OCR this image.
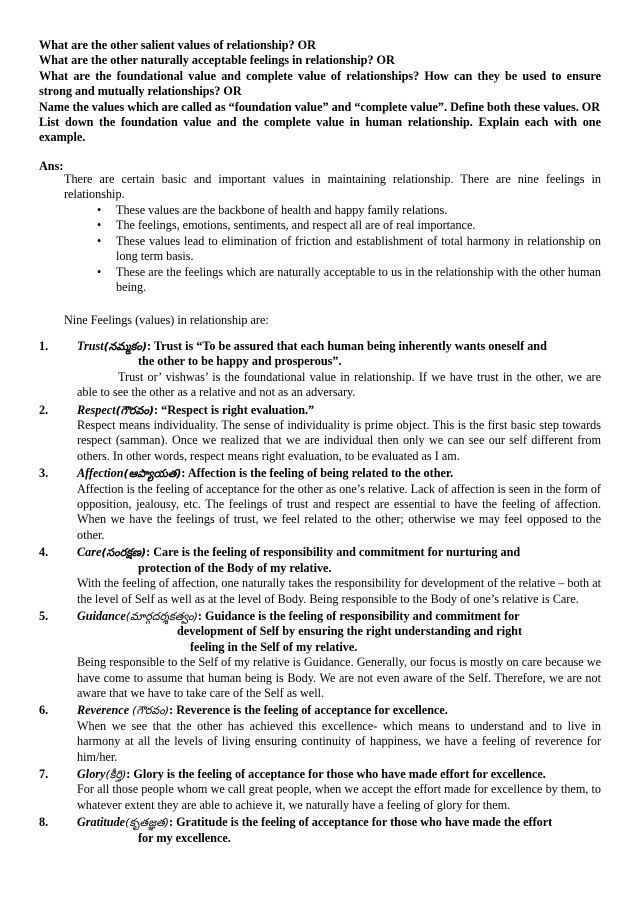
What are the other salient values of relationship? OR
What are the other naturally acceptable feelings in relationship? OR
What are the foundational value and complete value of relationships? How can they be used to ensure strong and mutually relationships? OR
Name the values which are called as “foundation value” and “complete value”. Define both these values. OR
List down the foundation value and the complete value in human relationship. Explain each with one example.
Ans:
There are certain basic and important values in maintaining relationship. There are nine feelings in relationship.
• These values are the backbone of health and happy family relations.
• The feelings, emotions, sentiments, and respect all are of real importance.
• These values lead to elimination of friction and establishment of total harmony in relationship on long term basis.
• These are the feelings which are naturally acceptable to us in the relationship with the other human being.
Nine Feelings (values) in relationship are:
1.	Trust(నమ్మకం): Trust is “To be assured that each human being inherently wants oneself and
the other to be happy and prosperous”.
Trust or’ vishwas’ is the foundational value in relationship. If we have trust in the other, we are able to see the other as a relative and not as an adversary.
2.	Respect(గౌరవం): “Respect is right evaluation.”
Respect means individuality. The sense of individuality is prime object. This is the first basic step towards respect (samman). Once we realized that we are individual then only we can see our self different from others. In other words, respect means right evaluation, to be evaluated as I am.
3.	Affection(ఆప్యాయత): Affection is the feeling of being related to the other.
Affection is the feeling of acceptance for the other as one’s relative. Lack of affection is seen in the form of opposition, jealousy, etc. The feelings of trust and respect are essential to have the feeling of affection. When we have the feelings of trust, we feel related to the other; otherwise we may feel opposed to the other.
4.	Care(సంరక్షణ): Care is the feeling of responsibility and commitment for nurturing and
protection of the Body of my relative.
With the feeling of affection, one naturally takes the responsibility for development of the relative – both at the level of Self as well as at the level of Body. Being responsible to the Body of one’s relative is Care.
5.	Guidance(మార్గదర్శకత్వం): Guidance is the feeling of responsibility and commitment for
development of Self by ensuring the right understanding and right
feeling in the Self of my relative.
Being responsible to the Self of my relative is Guidance. Generally, our focus is mostly on care because we have come to assume that human being is Body. We are not even aware of the Self. Therefore, we are not aware that we have to take care of the Self as well.
6.	Reverence (గౌరవం): Reverence is the feeling of acceptance for excellence.
When we see that the other has achieved this excellence- which means to understand and to live in harmony at all the levels of living ensuring continuity of happiness, we have a feeling of reverence for him/her.
7.	Glory(కీర్తి): Glory is the feeling of acceptance for those who have made effort for excellence.
For all those people whom we call great people, when we accept the effort made for excellence by them, to whatever extent they are able to achieve it, we naturally have a feeling of glory for them.
8.	Gratitude(కృతజ్ఞత): Gratitude is the feeling of acceptance for those who have made the effort
for my excellence.
